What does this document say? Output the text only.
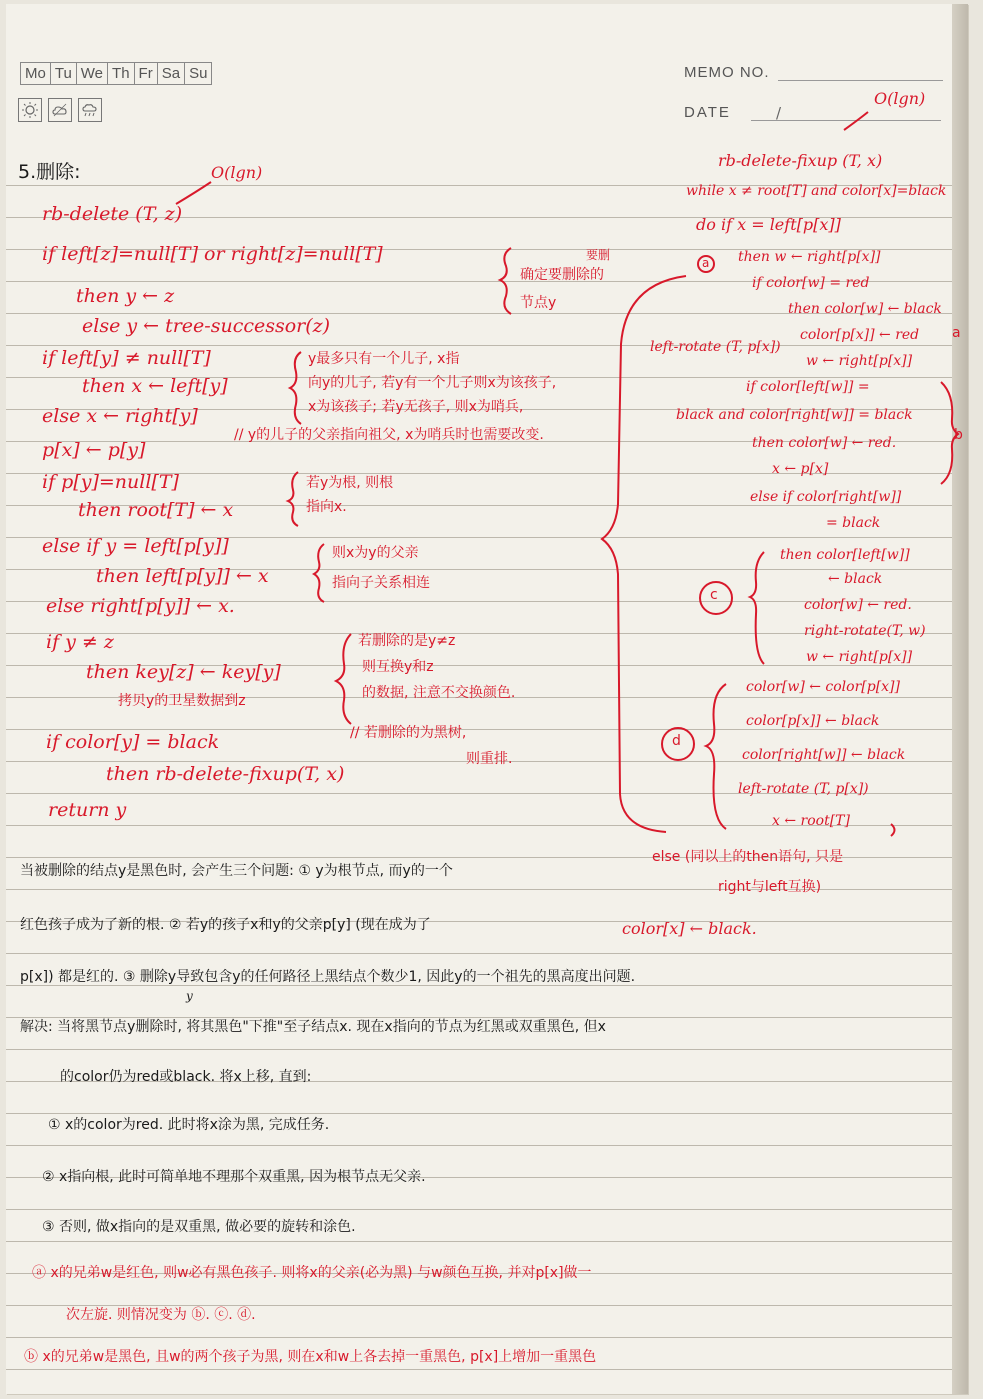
Mo Tu We Th Fr Sa Su	MEMO NO.
DATE	/
5.删除:	O(lgn)
rb-delete (T, z)
if left[z]=null[T] or right[z]=null[T]
then y ← z
else y ← tree-successor(z)
if left[y] ≠ null[T]
then x ← left[y]
else x ← right[y]
p[x] ← p[y]
if p[y]=null[T]
then root[T] ← x
else if y = left[p[y]]
then left[p[y]] ← x
else right[p[y]] ← x.
if y ≠ z
then key[z] ← key[y]
if color[y] = black
then rb-delete-fixup(T, x)
return y
确定要删除的
节点y
要删
y最多只有一个儿子, x指
向y的儿子, 若y有一个儿子则x为该孩子,
x为该孩子; 若y无孩子, 则x为哨兵,
// y的儿子的父亲指向祖父, x为哨兵时也需要改变.
若y为根, 则根
指向x.
则x为y的父亲
指向子关系相连
若删除的是y≠z
则互换y和z
的数据, 注意不交换颜色.
拷贝y的卫星数据到z
// 若删除的为黑树,
则重排.
O(lgn)
rb-delete-fixup (T, x)
while x ≠ root[T] and color[x]=black
do if x = left[p[x]]
a then w ← right[p[x]]
if color[w] = red
then color[w] ← black
color[p[x]] ← red
left-rotate (T, p[x])
w ← right[p[x]]
a
if color[left[w]] =
black and color[right[w]] = black
b
then color[w] ← red.
x ← p[x]
else if color[right[w]]
= black
c
then color[left[w]]
← black
color[w] ← red.
right-rotate(T, w)
w ← right[p[x]]
d
color[w] ← color[p[x]]
color[p[x]] ← black
color[right[w]] ← black
left-rotate (T, p[x])
x ← root[T]
else (同以上的then语句, 只是
right与left互换)
color[x] ← black.
当被删除的结点y是黑色时, 会产生三个问题: ① y为根节点, 而y的一个
红色孩子成为了新的根. ② 若y的孩子x和y的父亲p[y] (现在成为了
p[x]) 都是红的. ③ 删除y导致包含y的任何路径上黑结点个数少1, 因此y的一个祖先的黑高度出问题.
y
解决: 当将黑节点y删除时, 将其黑色"下推"至子结点x. 现在x指向的节点为红黑或双重黑色, 但x
的color仍为red或black. 将x上移, 直到:
① x的color为red. 此时将x涂为黑, 完成任务.
② x指向根, 此时可简单地不理那个双重黑, 因为根节点无父亲.
③ 否则, 做x指向的是双重黑, 做必要的旋转和涂色.
ⓐ x的兄弟w是红色, 则w必有黑色孩子. 则将x的父亲(必为黑) 与w颜色互换, 并对p[x]做一
次左旋. 则情况变为 ⓑ. ⓒ. ⓓ.
ⓑ x的兄弟w是黑色, 且w的两个孩子为黑, 则在x和w上各去掉一重黑色, p[x]上增加一重黑色
